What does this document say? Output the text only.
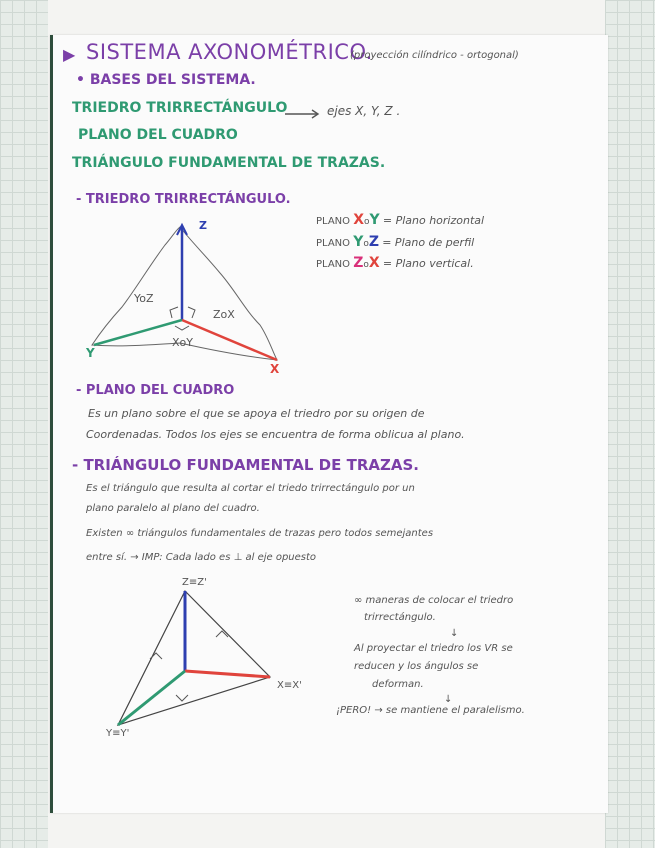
▶ SISTEMA AXONOMÉTRICO.
(proyección cilíndrico - ortogonal)
• BASES DEL SISTEMA.
TRIEDRO TRIRRECTÁNGULO	ejes X, Y, Z .
PLANO DEL CUADRO
TRIÁNGULO FUNDAMENTAL DE TRAZAS.
- TRIEDRO TRIRRECTÁNGULO.
Z
Y
X
YoZ
ZoX
XoY
PLANO XoY = Plano horizontal
PLANO YoZ = Plano de perfil
PLANO ZoX = Plano vertical.
- PLANO DEL CUADRO
Es un plano sobre el que se apoya el triedro por su origen de
Coordenadas. Todos los ejes se encuentra de forma oblicua al plano.
- TRIÁNGULO FUNDAMENTAL DE TRAZAS.
Es el triángulo que resulta al cortar el triedo trirrectángulo por un
plano paralelo al plano del cuadro.
Existen ∞ triángulos fundamentales de trazas pero todos semejantes
entre sí. → IMP: Cada lado es ⊥ al eje opuesto
Z≡Z'
X≡X'
Y≡Y'
∞ maneras de colocar el triedro
trirrectángulo.
↓
Al proyectar el triedro los VR se
reducen y los ángulos se
deforman.
↓
¡PERO! → se mantiene el paralelismo.
